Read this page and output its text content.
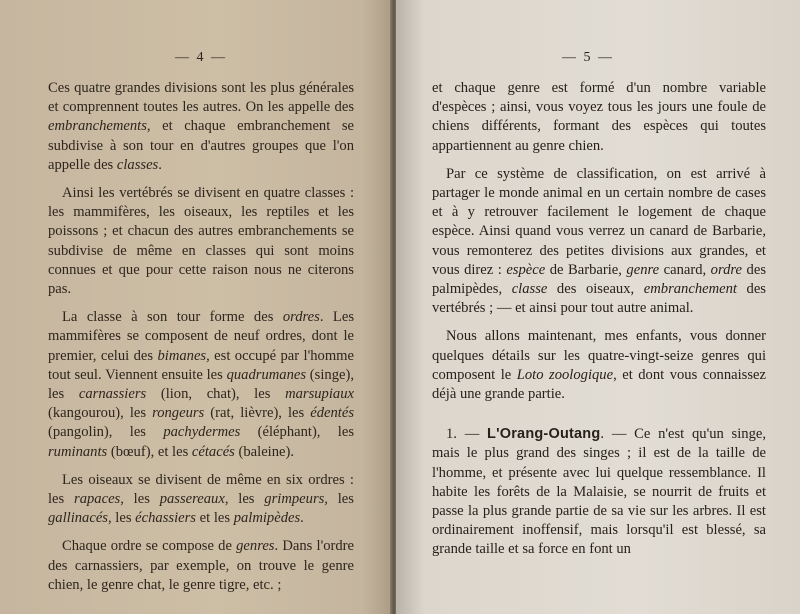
— 4 —

Ces quatre grandes divisions sont les plus générales et comprennent toutes les autres. On les appelle des embranchements, et chaque embranchement se subdivise à son tour en d'autres groupes que l'on appelle des classes.

Ainsi les vertébrés se divisent en quatre classes : les mammifères, les oiseaux, les reptiles et les poissons ; et chacun des autres embranchements se subdivise de même en classes qui sont moins connues et que pour cette raison nous ne citerons pas.

La classe à son tour forme des ordres. Les mammifères se composent de neuf ordres, dont le premier, celui des bimanes, est occupé par l'homme tout seul. Viennent ensuite les quadrumanes (singe), les carnassiers (lion, chat), les marsupiaux (kangourou), les rongeurs (rat, lièvre), les édentés (pangolin), les pachydermes (éléphant), les ruminants (bœuf), et les cétacés (baleine).

Les oiseaux se divisent de même en six ordres : les rapaces, les passereaux, les grimpeurs, les gallinacés, les échassiers et les palmipèdes.

Chaque ordre se compose de genres. Dans l'ordre des carnassiers, par exemple, on trouve le genre chien, le genre chat, le genre tigre, etc. ;

— 5 —

et chaque genre est formé d'un nombre variable d'espèces ; ainsi, vous voyez tous les jours une foule de chiens différents, formant des espèces qui toutes appartiennent au genre chien.

Par ce système de classification, on est arrivé à partager le monde animal en un certain nombre de cases et à y retrouver facilement le logement de chaque espèce. Ainsi quand vous verrez un canard de Barbarie, vous remonterez des petites divisions aux grandes, et vous direz : espèce de Barbarie, genre canard, ordre des palmipèdes, classe des oiseaux, embranchement des vertébrés ; — et ainsi pour tout autre animal.

Nous allons maintenant, mes enfants, vous donner quelques détails sur les quatre-vingt-seize genres qui composent le Loto zoologique, et dont vous connaissez déjà une grande partie.

1. — L'Orang-Outang. — Ce n'est qu'un singe, mais le plus grand des singes ; il est de la taille de l'homme, et présente avec lui quelque ressemblance. Il habite les forêts de la Malaisie, se nourrit de fruits et passe la plus grande partie de sa vie sur les arbres. Il est ordinairement inoffensif, mais lorsqu'il est blessé, sa grande taille et sa force en font un
